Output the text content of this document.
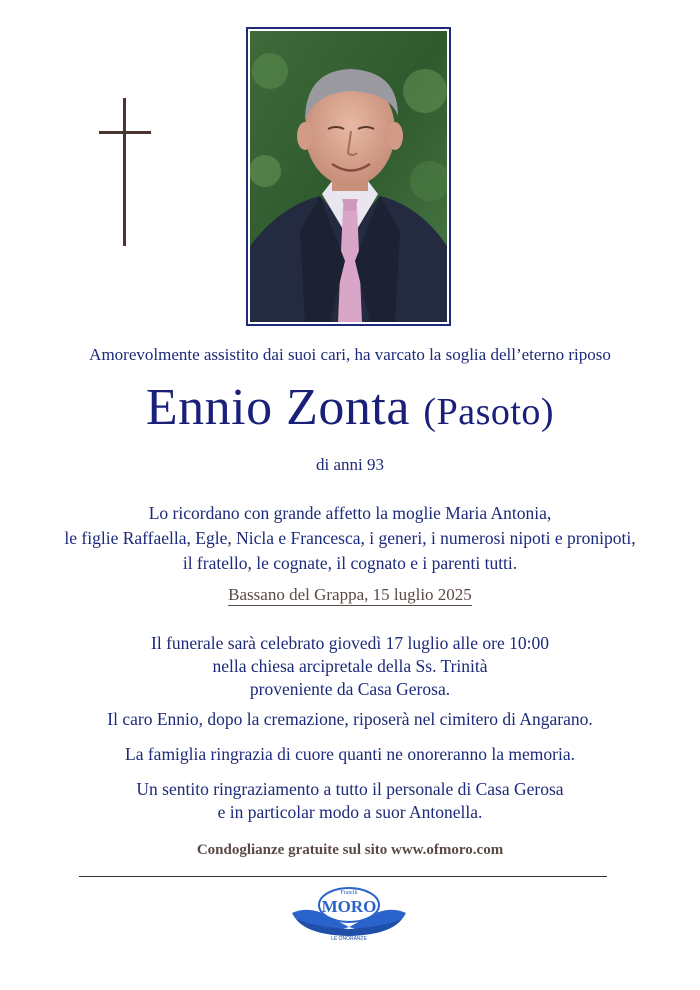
Amorevolmente assistito dai suoi cari, ha varcato la soglia dell’eterno riposo
Ennio Zonta (Pasoto)
di anni 93
Lo ricordano con grande affetto la moglie Maria Antonia,
le figlie Raffaella, Egle, Nicla e Francesca, i generi, i numerosi nipoti e pronipoti,
il fratello, le cognate, il cognato e i parenti tutti.
Bassano del Grappa, 15 luglio 2025
Il funerale sarà celebrato giovedì 17 luglio alle ore 10:00
nella chiesa arcipretale della Ss. Trinità
proveniente da Casa Gerosa.
Il caro Ennio, dopo la cremazione, riposerà nel cimitero di Angarano.
La famiglia ringrazia di cuore quanti ne onoreranno la memoria.
Un sentito ringraziamento a tutto il personale di Casa Gerosa
e in particolar modo a suor Antonella.
Condoglianze gratuite sul sito www.ofmoro.com
Fratelli
MORO
LE ONORANZE
